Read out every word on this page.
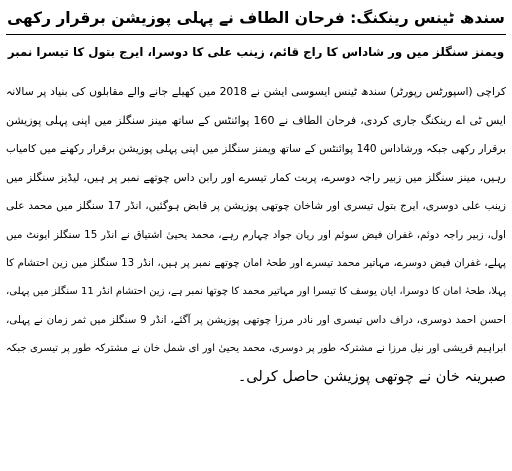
سندھ ٹینس رینکنگ: فرحان الطاف نے پہلی پوزیشن برقرار رکھی
ویمنز سنگلز میں ور شاداس کا راج قائم، زینب علی کا دوسرا، ایرج بتول کا تیسرا نمبر
کراچی (اسپورٹس رپورٹر) سندھ ٹینس ایسوسی ایشن نے 2018 میں کھیلے جانے والے مقابلوں کی بنیاد پر سالانہ
ایس ٹی اے رینکنگ جاری کردی، فرحان الطاف نے 160 پوائنٹس کے ساتھ مینز سنگلز میں اپنی پہلی پوزیشن
برقرار رکھی جبکہ ورشاداس 140 پوائنٹس کے ساتھ ویمنز سنگلز میں اپنی پہلی پوزیشن برقرار رکھنے میں کامیاب
رہیں، مینز سنگلز میں زبیر راجہ دوسرے، پربت کمار تیسرے اور رابن داس چوتھے نمبر پر ہیں، لیڈیز سنگلز میں
زینب علی دوسری، ایرج بتول تیسری اور شاخان چوتھی پوزیشن پر قابض ہوگئیں، انڈر 17 سنگلز میں محمد علی
اول، زبیر راجہ دوئم، غفران فیض سوئم اور ریان جواد چہارم رہے، محمد یحییٰ اشتیاق نے انڈر 15 سنگلز ایونٹ میں
پہلے، غفران فیض دوسرے، مہاتیر محمد تیسرے اور طحہٰ امان چوتھے نمبر پر ہیں، انڈر 13 سنگلز میں زین احتشام کا
پہلا، طحہٰ امان کا دوسرا، ایان یوسف کا تیسرا اور مہاتیر محمد کا چوتھا نمبر ہے، زین احتشام انڈر 11 سنگلز میں پہلی،
احسن احمد دوسری، دراف داس تیسری اور نادر مرزا چوتھی پوزیشن پر آگئے، انڈر 9 سنگلز میں ثمر زمان نے پہلی،
ابراہیم قریشی اور نیل مرزا نے مشترکہ طور پر دوسری، محمد یحییٰ اور ای شمل خان نے مشترکہ طور پر تیسری جبکہ
صبرینہ خان نے چوتھی پوزیشن حاصل کرلی۔
